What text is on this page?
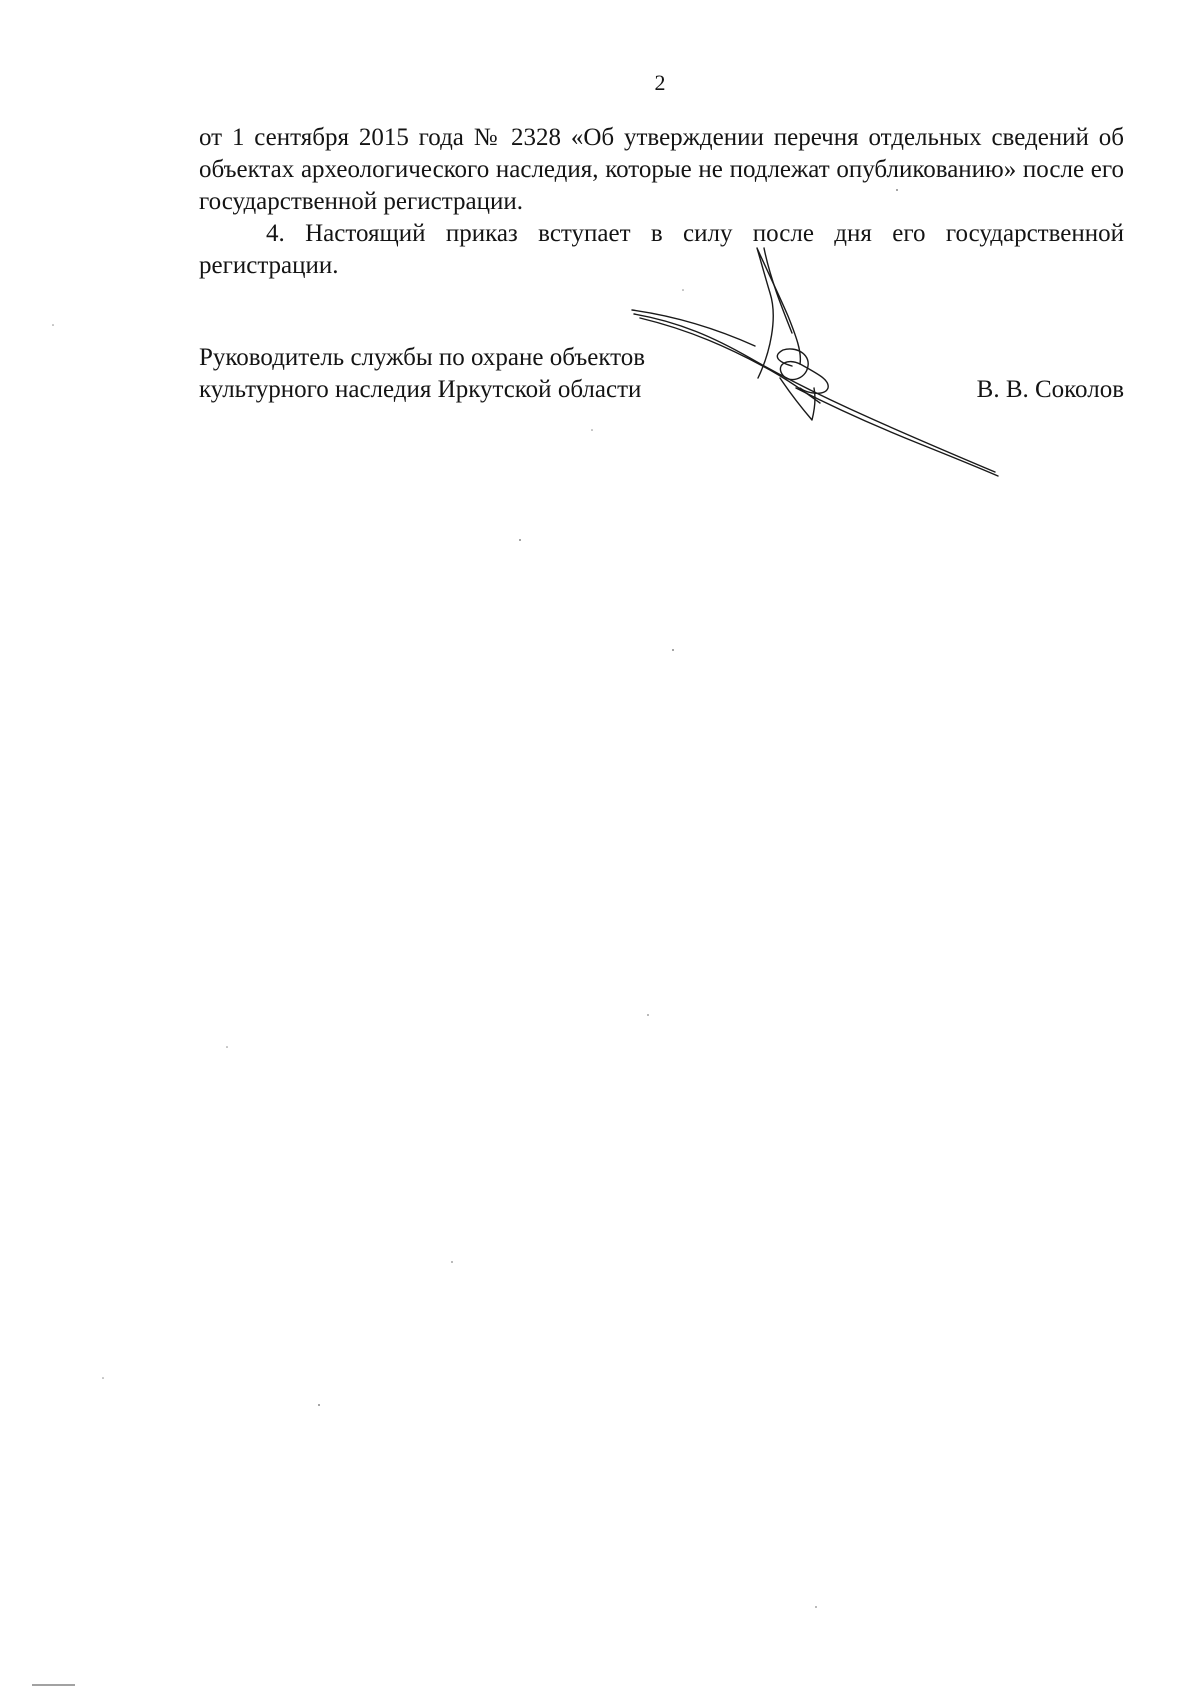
2

от 1 сентября 2015 года № 2328 «Об утверждении перечня отдельных сведений об объектах археологического наследия, которые не подлежат опубликованию» после его государственной регистрации.

4. Настоящий приказ вступает в силу после дня его государственной регистрации.

Руководитель службы по охране объектов
культурного наследия Иркутской области	В. В. Соколов
